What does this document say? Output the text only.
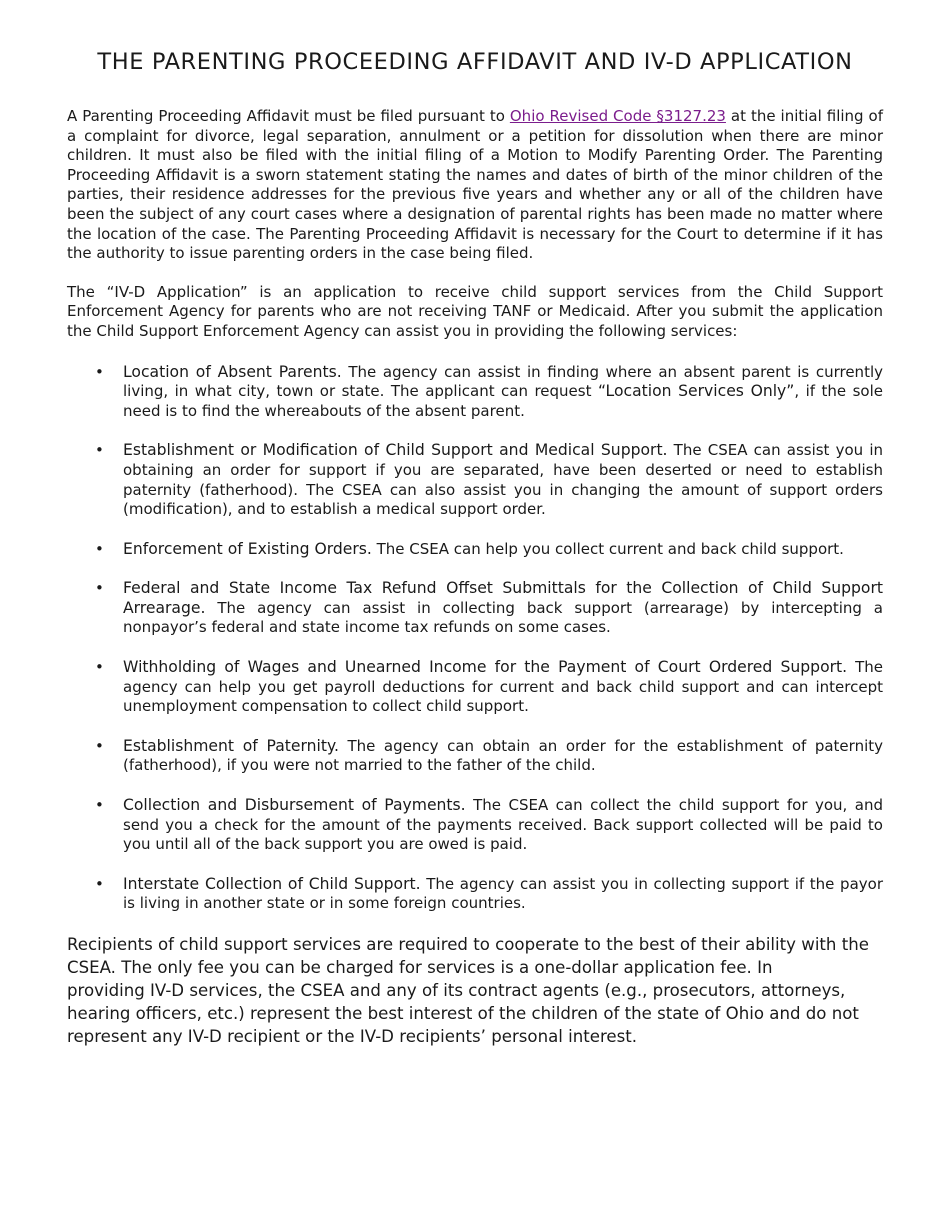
THE PARENTING PROCEEDING AFFIDAVIT AND IV-D APPLICATION

A Parenting Proceeding Affidavit must be filed pursuant to Ohio Revised Code §3127.23 at the initial filing of a complaint for divorce, legal separation, annulment or a petition for dissolution when there are minor children. It must also be filed with the initial filing of a Motion to Modify Parenting Order. The Parenting Proceeding Affidavit is a sworn statement stating the names and dates of birth of the minor children of the parties, their residence addresses for the previous five years and whether any or all of the children have been the subject of any court cases where a designation of parental rights has been made no matter where the location of the case. The Parenting Proceeding Affidavit is necessary for the Court to determine if it has the authority to issue parenting orders in the case being filed.

The “IV-D Application” is an application to receive child support services from the Child Support Enforcement Agency for parents who are not receiving TANF or Medicaid. After you submit the application the Child Support Enforcement Agency can assist you in providing the following services:

• Location of Absent Parents. The agency can assist in finding where an absent parent is currently living, in what city, town or state. The applicant can request “Location Services Only”, if the sole need is to find the whereabouts of the absent parent.
• Establishment or Modification of Child Support and Medical Support. The CSEA can assist you in obtaining an order for support if you are separated, have been deserted or need to establish paternity (fatherhood). The CSEA can also assist you in changing the amount of support orders (modification), and to establish a medical support order.
• Enforcement of Existing Orders. The CSEA can help you collect current and back child support.
• Federal and State Income Tax Refund Offset Submittals for the Collection of Child Support Arrearage. The agency can assist in collecting back support (arrearage) by intercepting a nonpayor’s federal and state income tax refunds on some cases.
• Withholding of Wages and Unearned Income for the Payment of Court Ordered Support. The agency can help you get payroll deductions for current and back child support and can intercept unemployment compensation to collect child support.
• Establishment of Paternity. The agency can obtain an order for the establishment of paternity (fatherhood), if you were not married to the father of the child.
• Collection and Disbursement of Payments. The CSEA can collect the child support for you, and send you a check for the amount of the payments received. Back support collected will be paid to you until all of the back support you are owed is paid.
• Interstate Collection of Child Support. The agency can assist you in collecting support if the payor is living in another state or in some foreign countries.
Recipients of child support services are required to cooperate to the best of their ability with the
CSEA. The only fee you can be charged for services is a one-dollar application fee. In
providing IV-D services, the CSEA and any of its contract agents (e.g., prosecutors, attorneys,
hearing officers, etc.) represent the best interest of the children of the state of Ohio and do not
represent any IV-D recipient or the IV-D recipients’ personal interest.
